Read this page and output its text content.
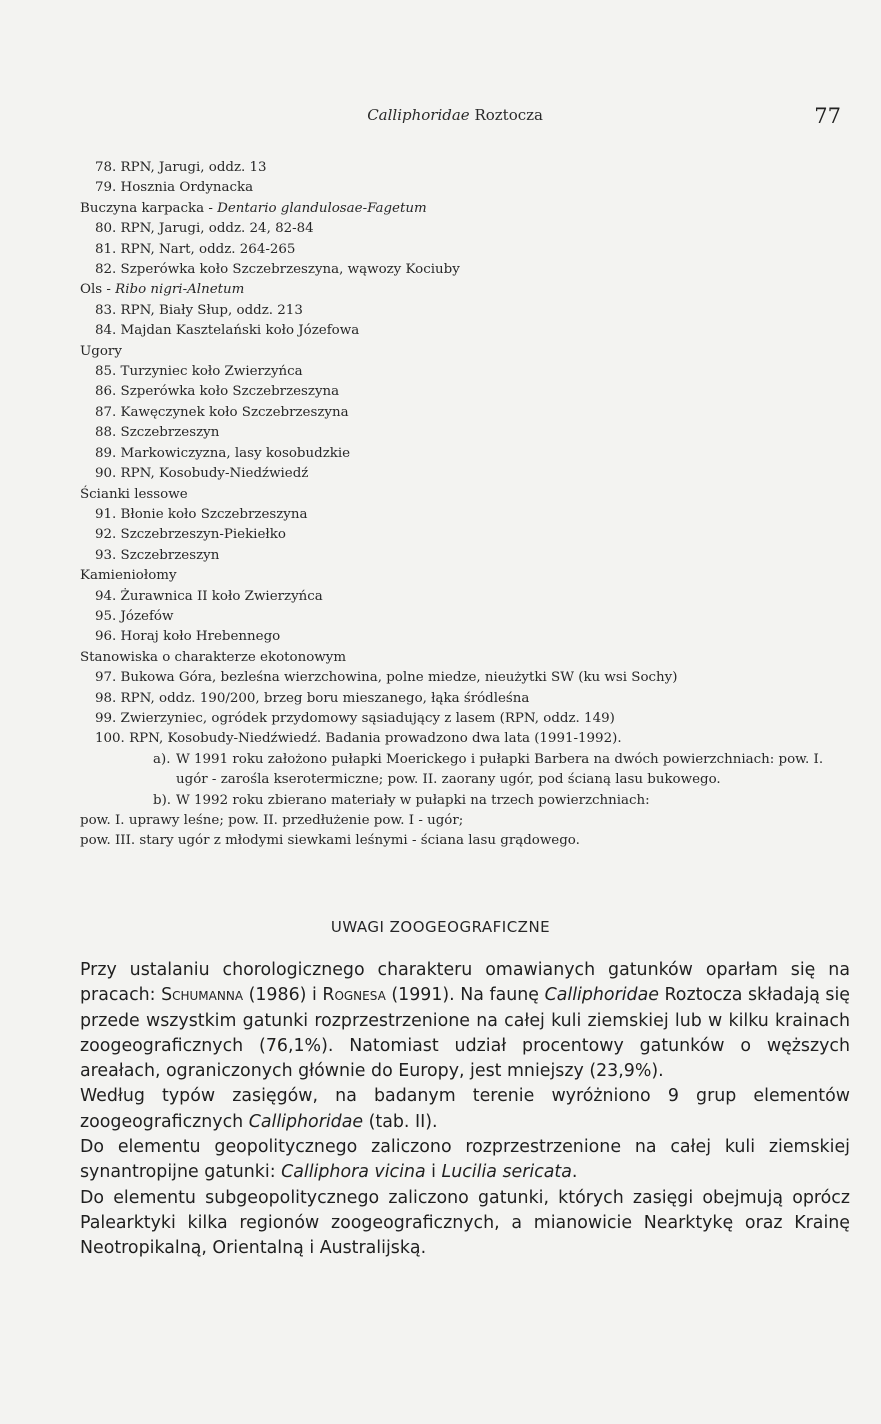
Calliphoridae Roztocza	77
78. RPN, Jarugi, oddz. 13
79. Hosznia Ordynacka
Buczyna karpacka - Dentario glandulosae-Fagetum
80. RPN, Jarugi, oddz. 24, 82-84
81. RPN, Nart, oddz. 264-265
82. Szperówka koło Szczebrzeszyna, wąwozy Kociuby
Ols - Ribo nigri-Alnetum
83. RPN, Biały Słup, oddz. 213
84. Majdan Kasztelański koło Józefowa
Ugory
85. Turzyniec koło Zwierzyńca
86. Szperówka koło Szczebrzeszyna
87. Kawęczynek koło Szczebrzeszyna
88. Szczebrzeszyn
89. Markowiczyzna, lasy kosobudzkie
90. RPN, Kosobudy-Niedźwiedź
Ścianki lessowe
91. Błonie koło Szczebrzeszyna
92. Szczebrzeszyn-Piekiełko
93. Szczebrzeszyn
Kamieniołomy
94. Żurawnica II koło Zwierzyńca
95. Józefów
96. Horaj koło Hrebennego
Stanowiska o charakterze ekotonowym
97. Bukowa Góra, bezleśna wierzchowina, polne miedze, nieużytki SW (ku wsi Sochy)
98. RPN, oddz. 190/200, brzeg boru mieszanego, łąka śródleśna
99. Zwierzyniec, ogródek przydomowy sąsiadujący z lasem (RPN, oddz. 149)
100. RPN, Kosobudy-Niedźwiedź. Badania prowadzono dwa lata (1991-1992).
a). W 1991 roku założono pułapki Moerickego i pułapki Barbera na dwóch powierzchniach: pow. I. ugór - zarośla kserotermiczne; pow. II. zaorany ugór, pod ścianą lasu bukowego.
b). W 1992 roku zbierano materiały w pułapki na trzech powierzchniach:
pow. I. uprawy leśne; pow. II. przedłużenie pow. I - ugór;
pow. III. stary ugór z młodymi siewkami leśnymi - ściana lasu grądowego.
UWAGI ZOOGEOGRAFICZNE

Przy ustalaniu chorologicznego charakteru omawianych gatunków oparłam się na pracach: Schumanna (1986) i Rognesa (1991). Na faunę Calliphoridae Roztocza składają się przede wszystkim gatunki rozprzestrzenione na całej kuli ziemskiej lub w kilku krainach zoogeograficznych (76,1%). Natomiast udział procentowy gatunków o węższych areałach, ograniczonych głównie do Europy, jest mniejszy (23,9%).

Według typów zasięgów, na badanym terenie wyróżniono 9 grup elementów zoogeograficznych Calliphoridae (tab. II).

Do elementu geopolitycznego zaliczono rozprzestrzenione na całej kuli ziemskiej synantropijne gatunki: Calliphora vicina i Lucilia sericata.

Do elementu subgeopolitycznego zaliczono gatunki, których zasięgi obejmują oprócz Palearktyki kilka regionów zoogeograficznych, a mianowicie Nearktykę oraz Krainę Neotropikalną, Orientalną i Australijską.
